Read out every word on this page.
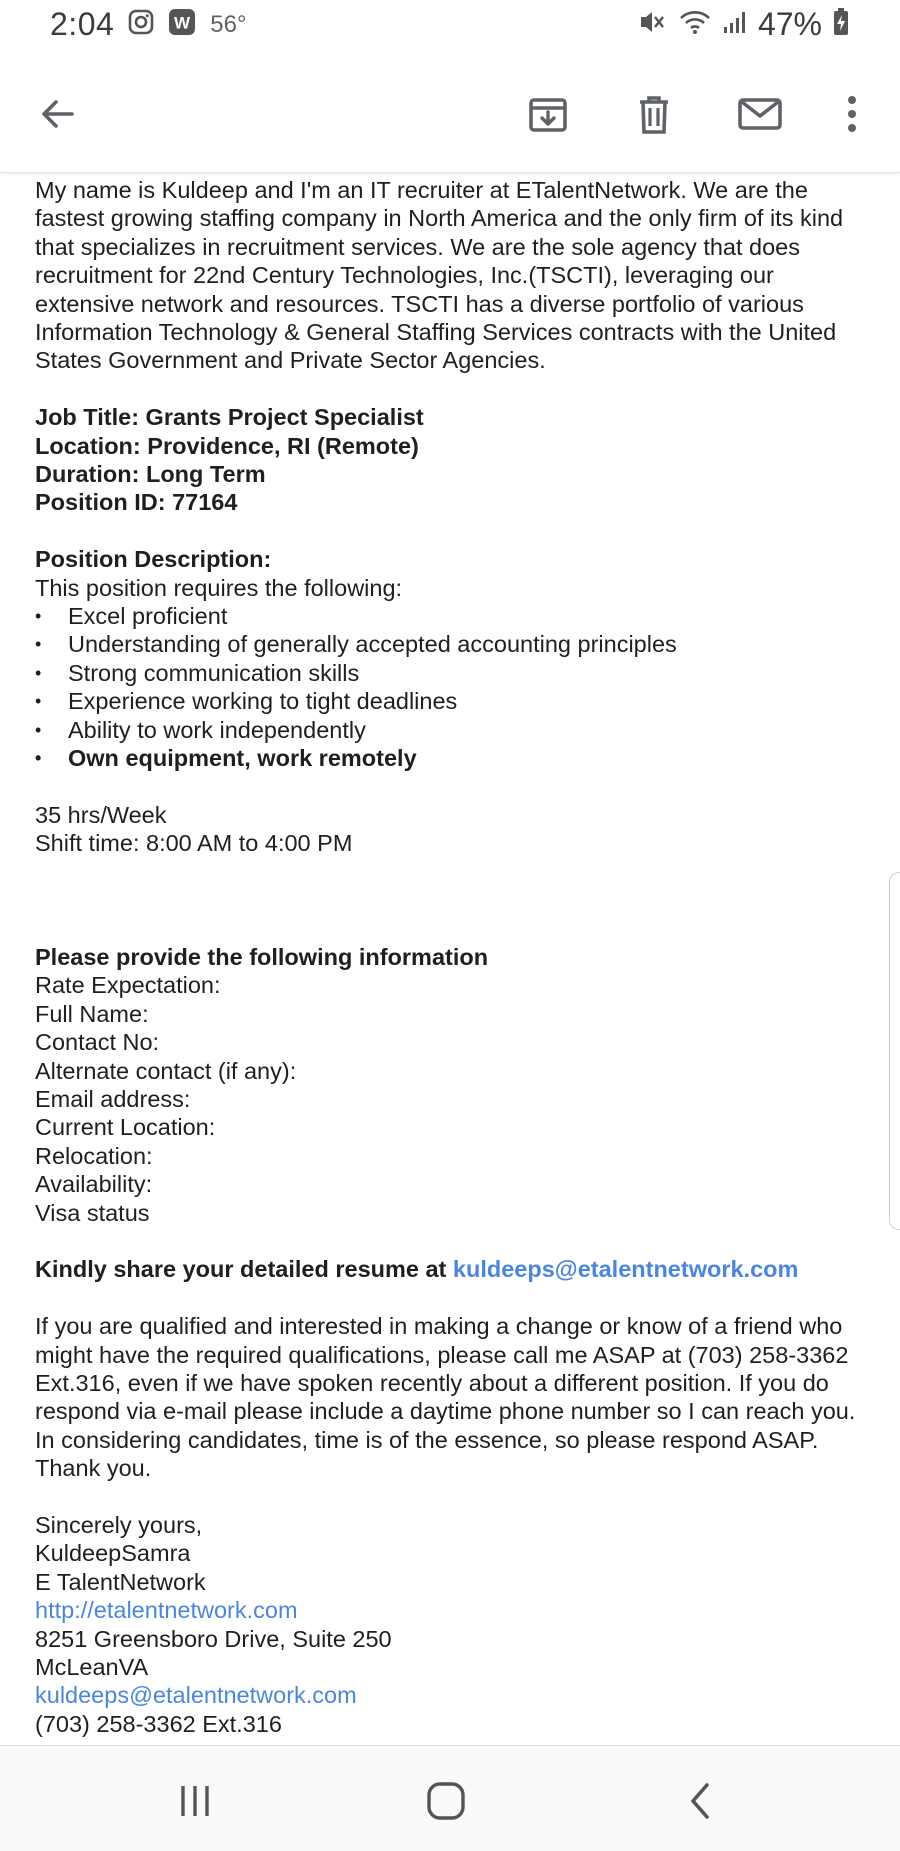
2:04	W 56°	47%

My name is Kuldeep and I'm an IT recruiter at ETalentNetwork. We are the fastest growing staffing company in North America and the only firm of its kind that specializes in recruitment services. We are the sole agency that does recruitment for 22nd Century Technologies, Inc.(TSCTI), leveraging our extensive network and resources. TSCTI has a diverse portfolio of various Information Technology & General Staffing Services contracts with the United States Government and Private Sector Agencies.

Job Title: Grants Project Specialist

Location: Providence, RI (Remote)

Duration: Long Term

Position ID: 77164

Position Description:

This position requires the following:

• Excel proficient
• Understanding of generally accepted accounting principles
• Strong communication skills
• Experience working to tight deadlines
• Ability to work independently
• Own equipment, work remotely

35 hrs/Week

Shift time: 8:00 AM to 4:00 PM

Please provide the following information

Rate Expectation:

Full Name:

Contact No:

Alternate contact (if any):

Email address:

Current Location:

Relocation:

Availability:

Visa status

Kindly share your detailed resume at kuldeeps@etalentnetwork.com

If you are qualified and interested in making a change or know of a friend who might have the required qualifications, please call me ASAP at (703) 258-3362 Ext.316, even if we have spoken recently about a different position. If you do respond via e-mail please include a daytime phone number so I can reach you. In considering candidates, time is of the essence, so please respond ASAP. Thank you.

Sincerely yours,

KuldeepSamra

E TalentNetwork

http://etalentnetwork.com

8251 Greensboro Drive, Suite 250

McLeanVA

kuldeeps@etalentnetwork.com

(703) 258-3362 Ext.316
